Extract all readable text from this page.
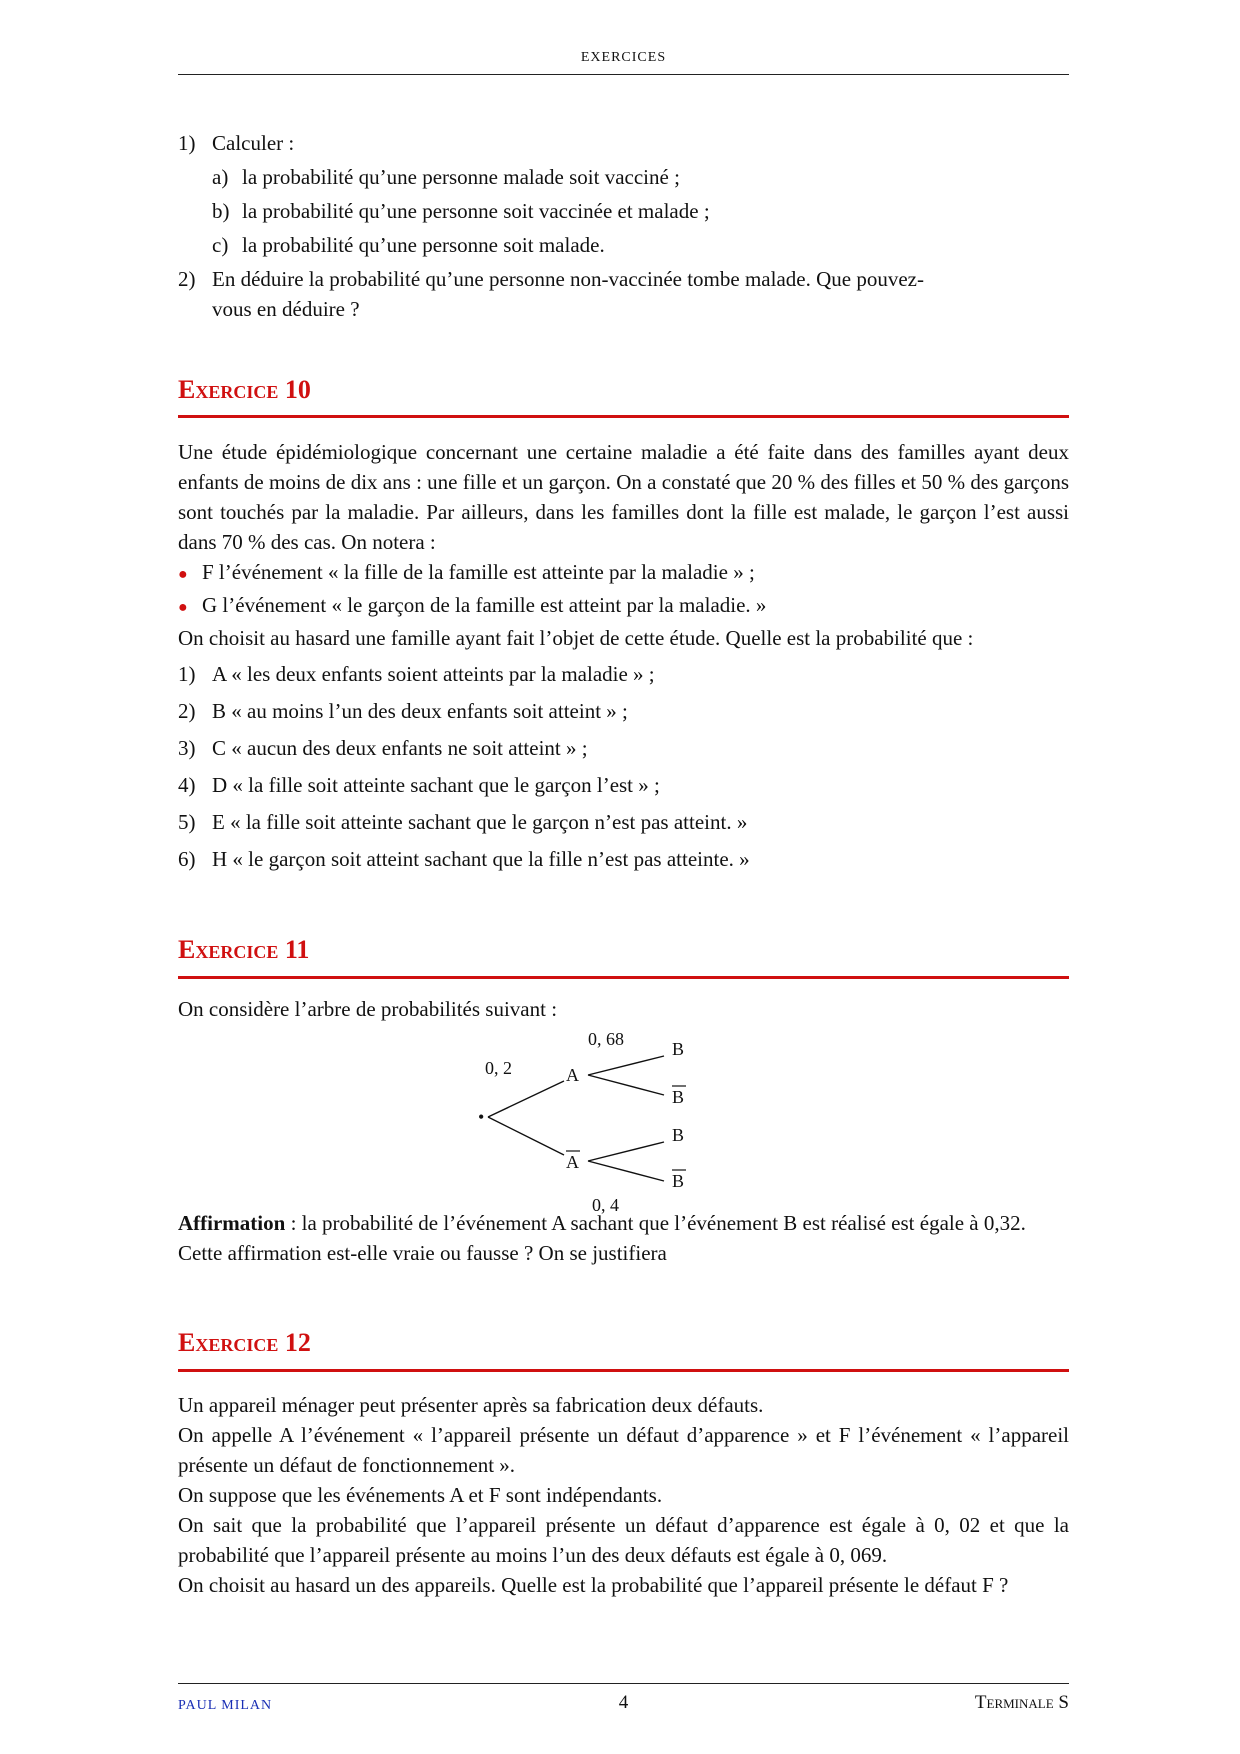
EXERCICES

1) Calculer :

a) la probabilité qu’une personne malade soit vacciné ;

b) la probabilité qu’une personne soit vaccinée et malade ;

c) la probabilité qu’une personne soit malade.

2) En déduire la probabilité qu’une personne non-vaccinée tombe malade. Que pouvez-

vous en déduire ?

Exercice 10

Une étude épidémiologique concernant une certaine maladie a été faite dans des familles ayant deux enfants de moins de dix ans : une fille et un garçon. On a constaté que 20 % des filles et 50 % des garçons sont touchés par la maladie. Par ailleurs, dans les familles dont la fille est malade, le garçon l’est aussi dans 70 % des cas. On notera :

● F l’événement « la fille de la famille est atteinte par la maladie » ;

● G l’événement « le garçon de la famille est atteint par la maladie. »

On choisit au hasard une famille ayant fait l’objet de cette étude. Quelle est la probabilité que :

1) A « les deux enfants soient atteints par la maladie » ;

2) B « au moins l’un des deux enfants soit atteint » ;

3) C « aucun des deux enfants ne soit atteint » ;

4) D « la fille soit atteinte sachant que le garçon l’est » ;

5) E « la fille soit atteinte sachant que le garçon n’est pas atteint. »

6) H « le garçon soit atteint sachant que la fille n’est pas atteinte. »

Exercice 11

On considère l’arbre de probabilités suivant :

•
0, 2	A
A
0, 68
0, 4
B
B
B
B

Affirmation : la probabilité de l’événement A sachant que l’événement B est réalisé est égale à 0,32.

Cette affirmation est-elle vraie ou fausse ? On se justifiera

Exercice 12

Un appareil ménager peut présenter après sa fabrication deux défauts.

On appelle A l’événement « l’appareil présente un défaut d’apparence » et F l’événement « l’appareil présente un défaut de fonctionnement ».

On suppose que les événements A et F sont indépendants.

On sait que la probabilité que l’appareil présente un défaut d’apparence est égale à 0, 02 et que la probabilité que l’appareil présente au moins l’un des deux défauts est égale à 0, 069.

On choisit au hasard un des appareils. Quelle est la probabilité que l’appareil présente le défaut F ?

PAUL MILAN	4	Terminale S
